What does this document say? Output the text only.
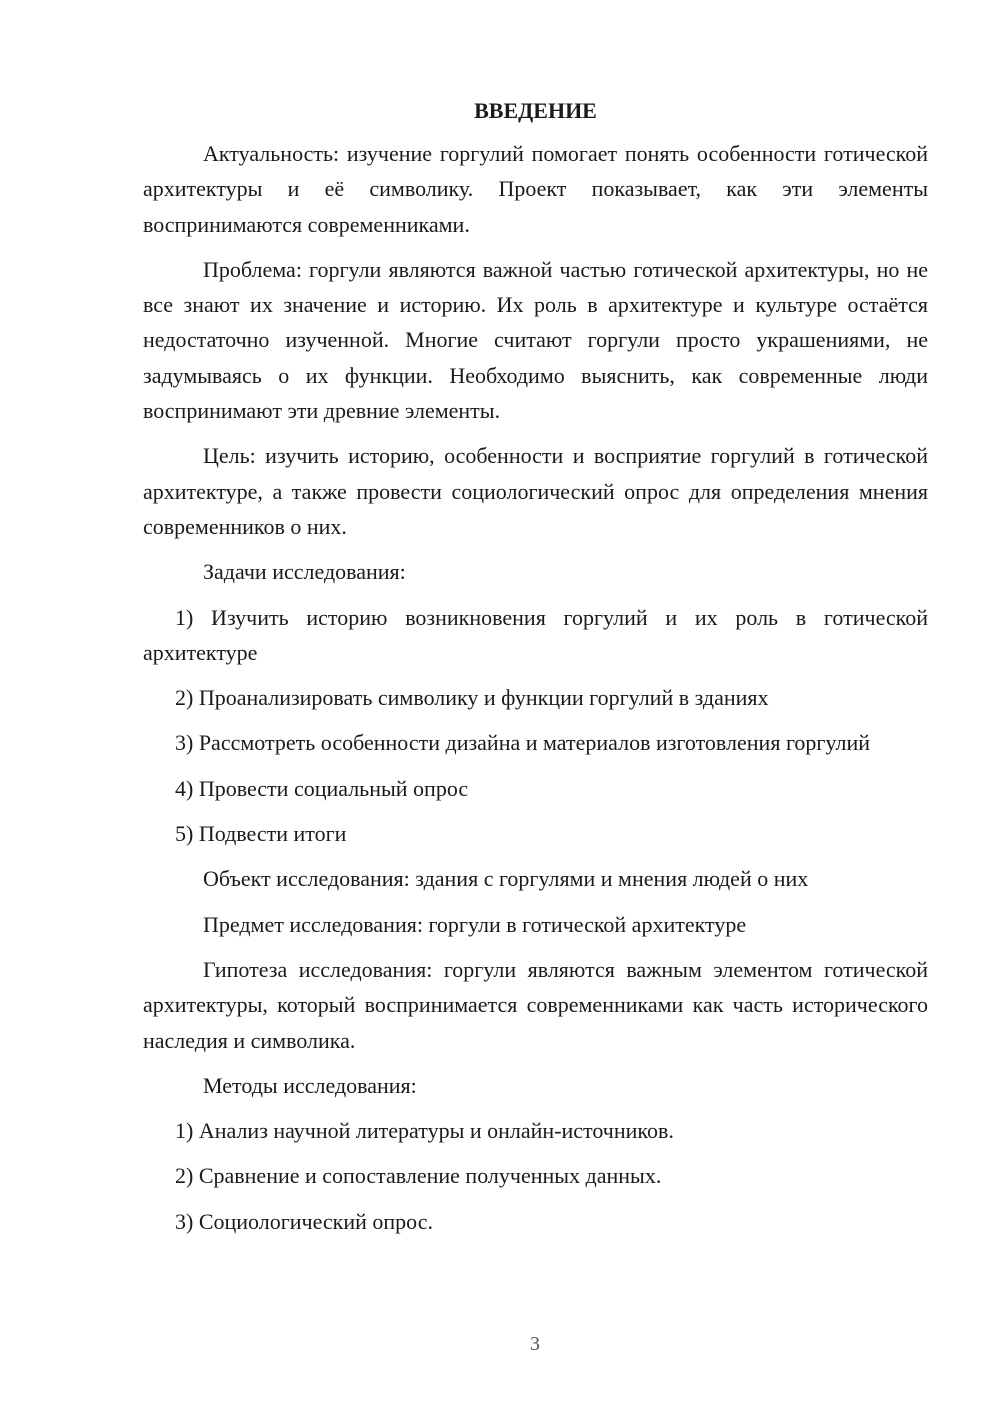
ВВЕДЕНИЕ
Актуальность: изучение горгулий помогает понять особенности готической архитектуры и её символику. Проект показывает, как эти элементы воспринимаются современниками.
Проблема: горгули являются важной частью готической архитектуры, но не все знают их значение и историю. Их роль в архитектуре и культуре остаётся недостаточно изученной. Многие считают горгули просто украшениями, не задумываясь о их функции. Необходимо выяснить, как современные люди воспринимают эти древние элементы.
Цель: изучить историю, особенности и восприятие горгулий в готической архитектуре, а также провести социологический опрос для определения мнения современников о них.
Задачи исследования:
1) Изучить историю возникновения горгулий и их роль в готической архитектуре
2) Проанализировать символику и функции горгулий в зданиях
3) Рассмотреть особенности дизайна и материалов изготовления горгулий
4) Провести социальный опрос
5) Подвести итоги
Объект исследования: здания с горгулями и мнения людей о них
Предмет исследования: горгули в готической архитектуре
Гипотеза исследования: горгули являются важным элементом готической архитектуры, который воспринимается современниками как часть исторического наследия и символика.
Методы исследования:
1) Анализ научной литературы и онлайн-источников.
2) Сравнение и сопоставление полученных данных.
3) Социологический опрос.
3
